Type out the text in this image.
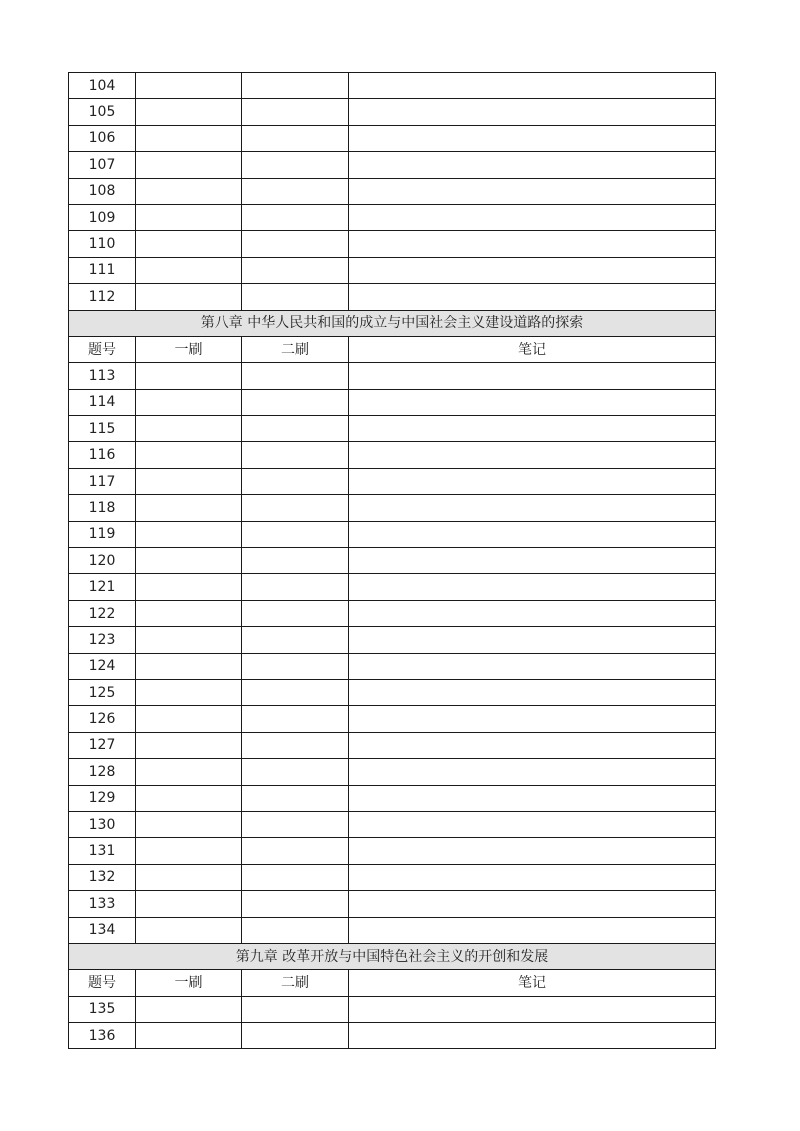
104			
105			
106			
107			
108			
109			
110			
111			
112			
第八章 中华人民共和国的成立与中国社会主义建设道路的探索			
题号	一刷	二刷	笔记
113			
114			
115			
116			
117			
118			
119			
120			
121			
122			
123			
124			
125			
126			
127			
128			
129			
130			
131			
132			
133			
134			
第九章 改革开放与中国特色社会主义的开创和发展			
题号	一刷	二刷	笔记
135			
136			
